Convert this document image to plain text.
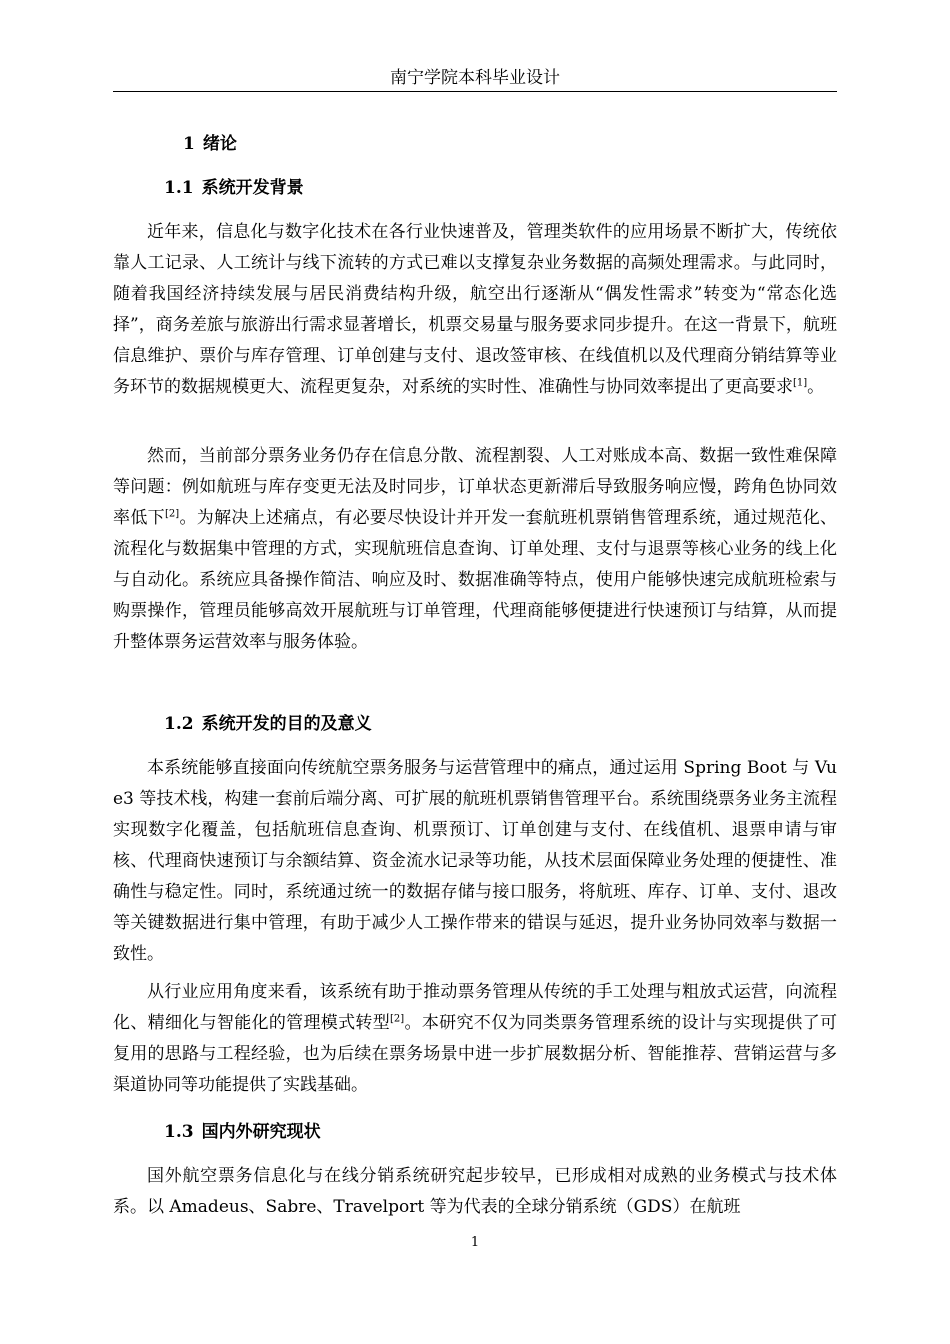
南宁学院本科毕业设计
1 绪论
1.1 系统开发背景

近年来，信息化与数字化技术在各行业快速普及，管理类软件的应用场景不断扩大，传统依靠人工记录、人工统计与线下流转的方式已难以支撑复杂业务数据的高频处理需求。与此同时，随着我国经济持续发展与居民消费结构升级，航空出行逐渐从“偶发性需求”转变为“常态化选择”，商务差旅与旅游出行需求显著增长，机票交易量与服务要求同步提升。在这一背景下，航班信息维护、票价与库存管理、订单创建与支付、退改签审核、在线值机以及代理商分销结算等业务环节的数据规模更大、流程更复杂，对系统的实时性、准确性与协同效率提出了更高要求[1]。

然而，当前部分票务业务仍存在信息分散、流程割裂、人工对账成本高、数据一致性难保障等问题：例如航班与库存变更无法及时同步，订单状态更新滞后导致服务响应慢，跨角色协同效率低下[2]。为解决上述痛点，有必要尽快设计并开发一套航班机票销售管理系统，通过规范化、流程化与数据集中管理的方式，实现航班信息查询、订单处理、支付与退票等核心业务的线上化与自动化。系统应具备操作简洁、响应及时、数据准确等特点，使用户能够快速完成航班检索与购票操作，管理员能够高效开展航班与订单管理，代理商能够便捷进行快速预订与结算，从而提升整体票务运营效率与服务体验。

1.2 系统开发的目的及意义

本系统能够直接面向传统航空票务服务与运营管理中的痛点，通过运用 Spring Boot 与 Vue3 等技术栈，构建一套前后端分离、可扩展的航班机票销售管理平台。系统围绕票务业务主流程实现数字化覆盖，包括航班信息查询、机票预订、订单创建与支付、在线值机、退票申请与审核、代理商快速预订与余额结算、资金流水记录等功能，从技术层面保障业务处理的便捷性、准确性与稳定性。同时，系统通过统一的数据存储与接口服务，将航班、库存、订单、支付、退改等关键数据进行集中管理，有助于减少人工操作带来的错误与延迟，提升业务协同效率与数据一致性。

从行业应用角度来看，该系统有助于推动票务管理从传统的手工处理与粗放式运营，向流程化、精细化与智能化的管理模式转型[2]。本研究不仅为同类票务管理系统的设计与实现提供了可复用的思路与工程经验，也为后续在票务场景中进一步扩展数据分析、智能推荐、营销运营与多渠道协同等功能提供了实践基础。

1.3 国内外研究现状

国外航空票务信息化与在线分销系统研究起步较早，已形成相对成熟的业务模式与技术体系。以 Amadeus、Sabre、Travelport 等为代表的全球分销系统（GDS）在航班

1
